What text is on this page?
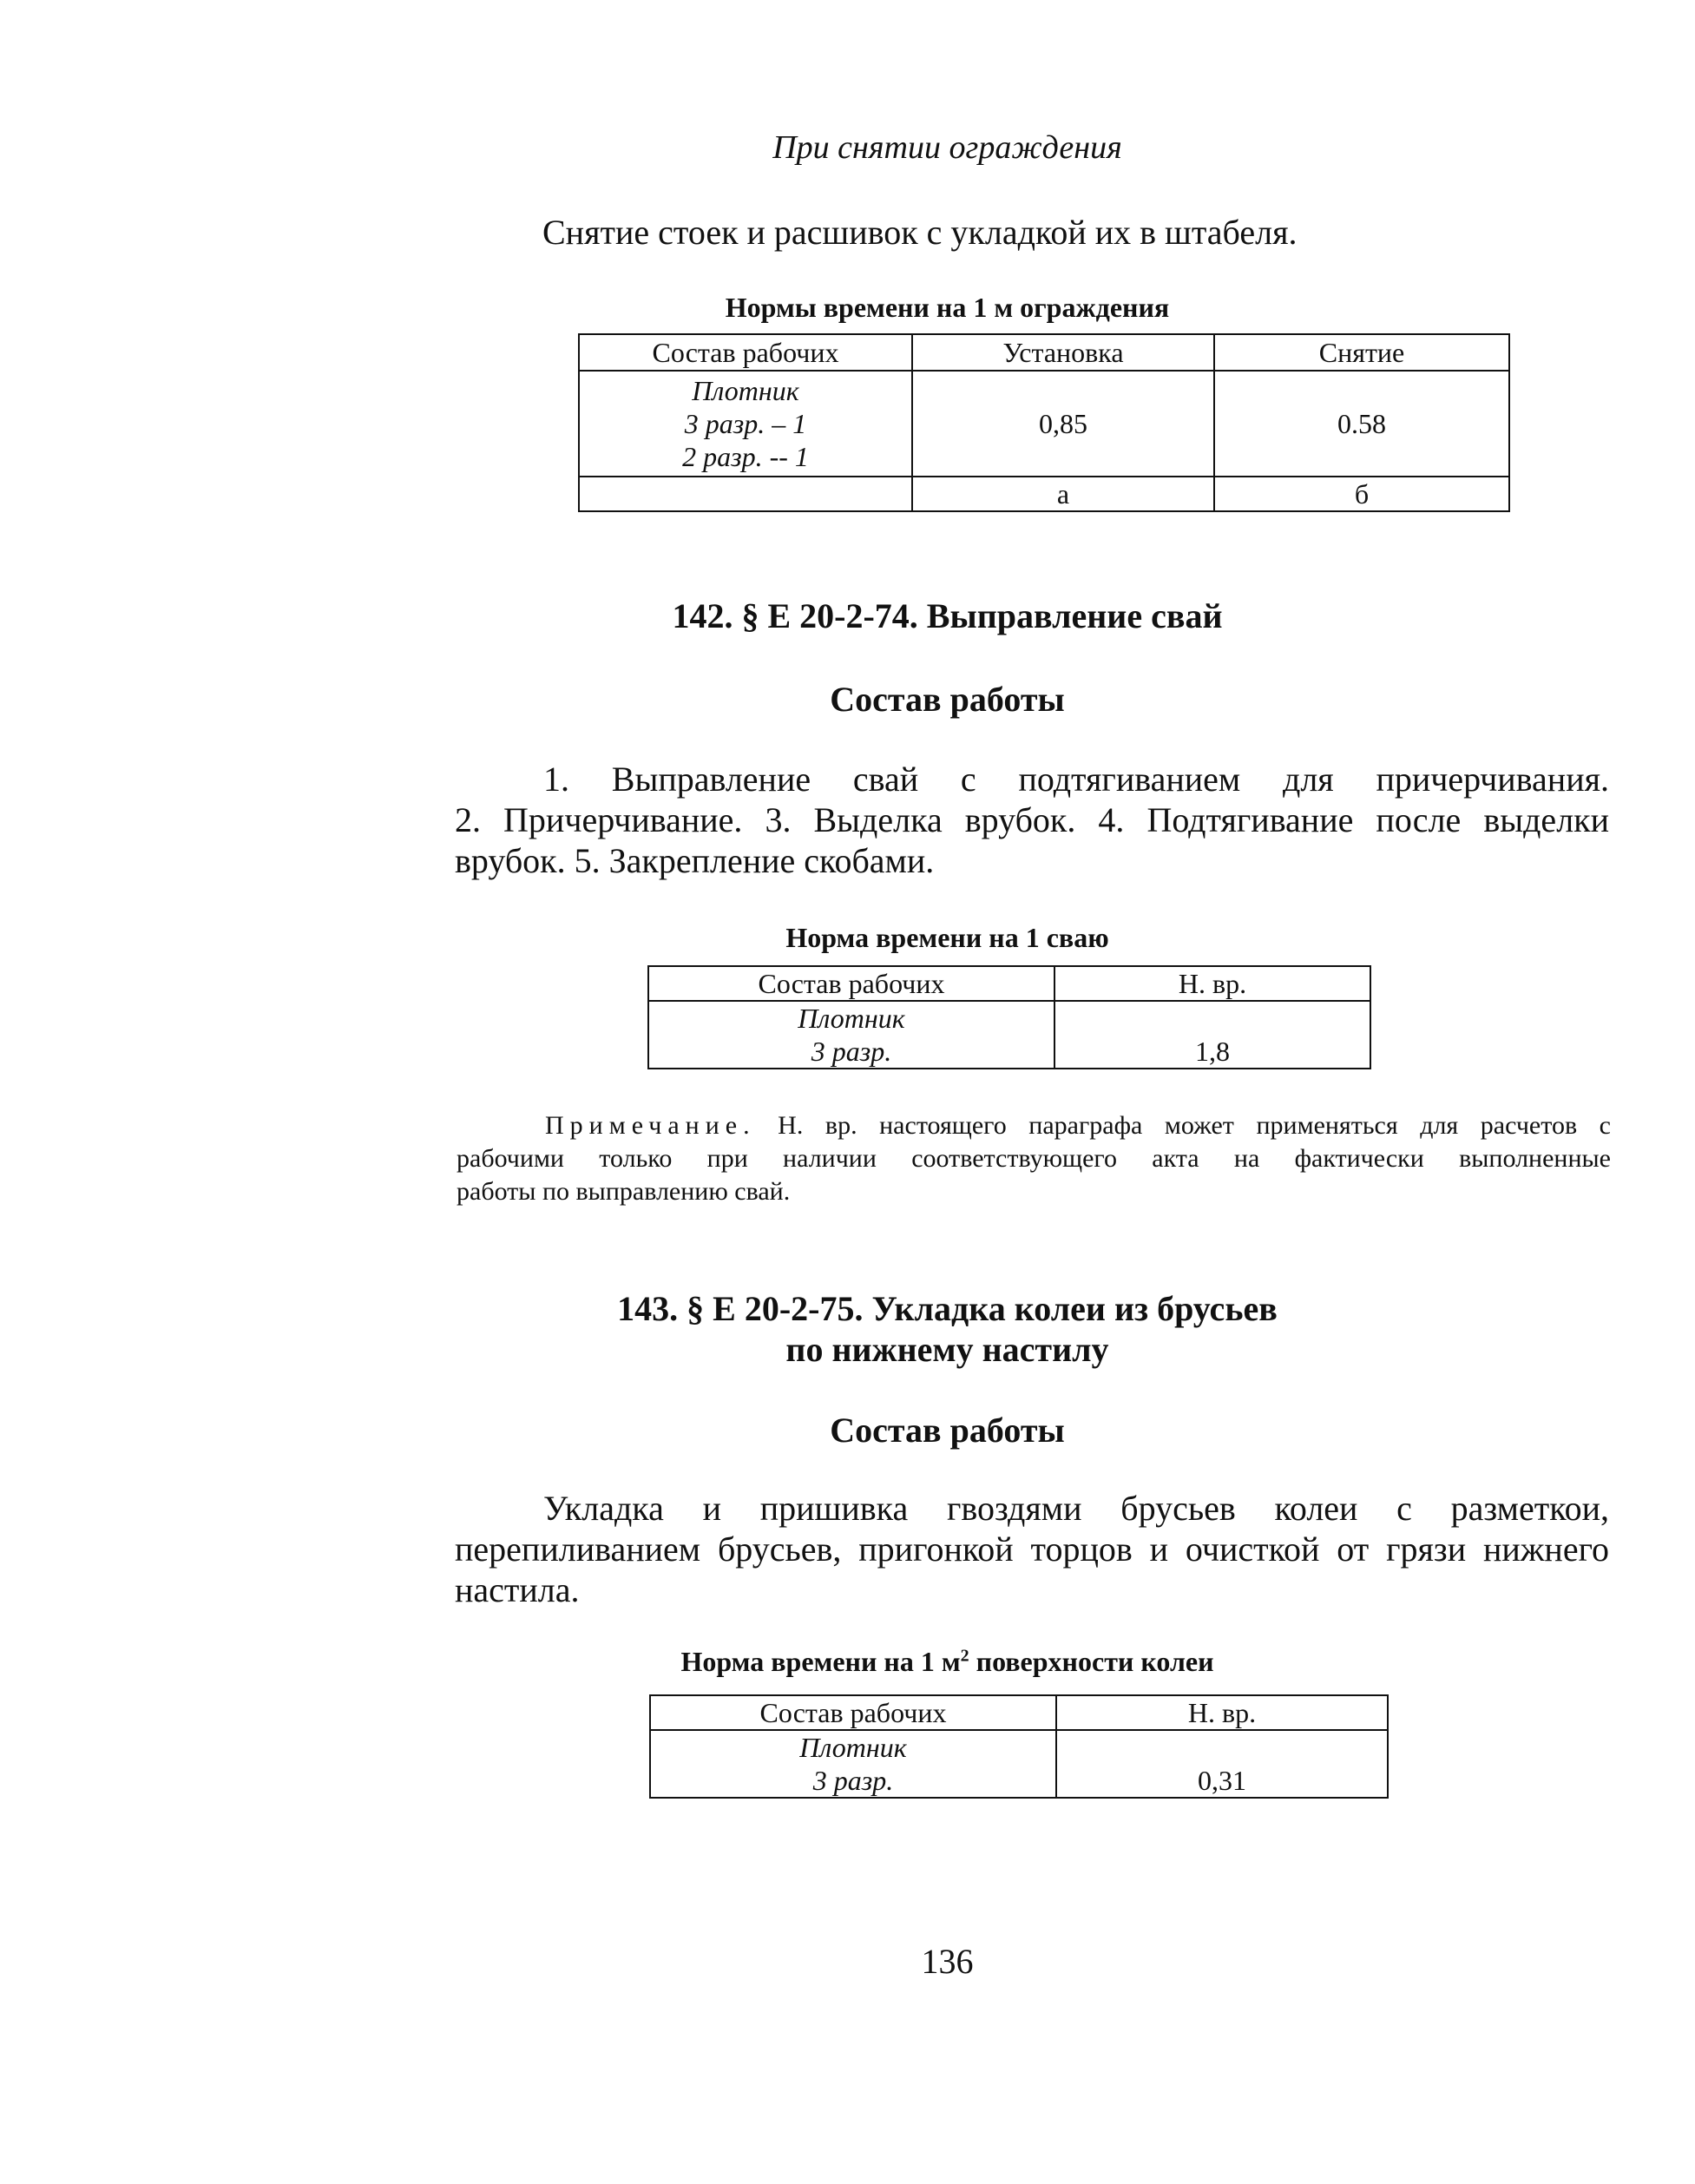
При снятии ограждения
Снятие стоек и расшивок с укладкой их в штабеля.
Нормы времени на 1 м ограждения
Состав рабочих	Установка	Снятие

Плотник
3 разр. – 1
2 разр. -- 1	0,85	0.58
	а	б
142. § Е 20-2-74. Выправление свай
Состав работы
1. Выправление свай с подтягиванием для причерчивания.
2. Причерчивание. 3. Выделка врубок. 4. Подтягивание после выделки
врубок. 5. Закрепление скобами.
Норма времени на 1 сваю
Состав рабочих	Н. вр.

Плотник
3 разр.	1,8
Примечание. Н. вр. настоящего параграфа может применяться для расчетов с
рабочими только при наличии соответствующего акта на фактически выполненные
работы по выправлению свай.
143. § Е 20-2-75. Укладка колеи из брусьев
по нижнему настилу
Состав работы
Укладка и пришивка гвоздями брусьев колеи с разметкои,
перепиливанием брусьев, пригонкой торцов и очисткой от грязи нижнего
настила.
Норма времени на 1 $м^2$ поверхности колеи
Состав рабочих	Н. вр.

Плотник
3 разр.	0,31
136
